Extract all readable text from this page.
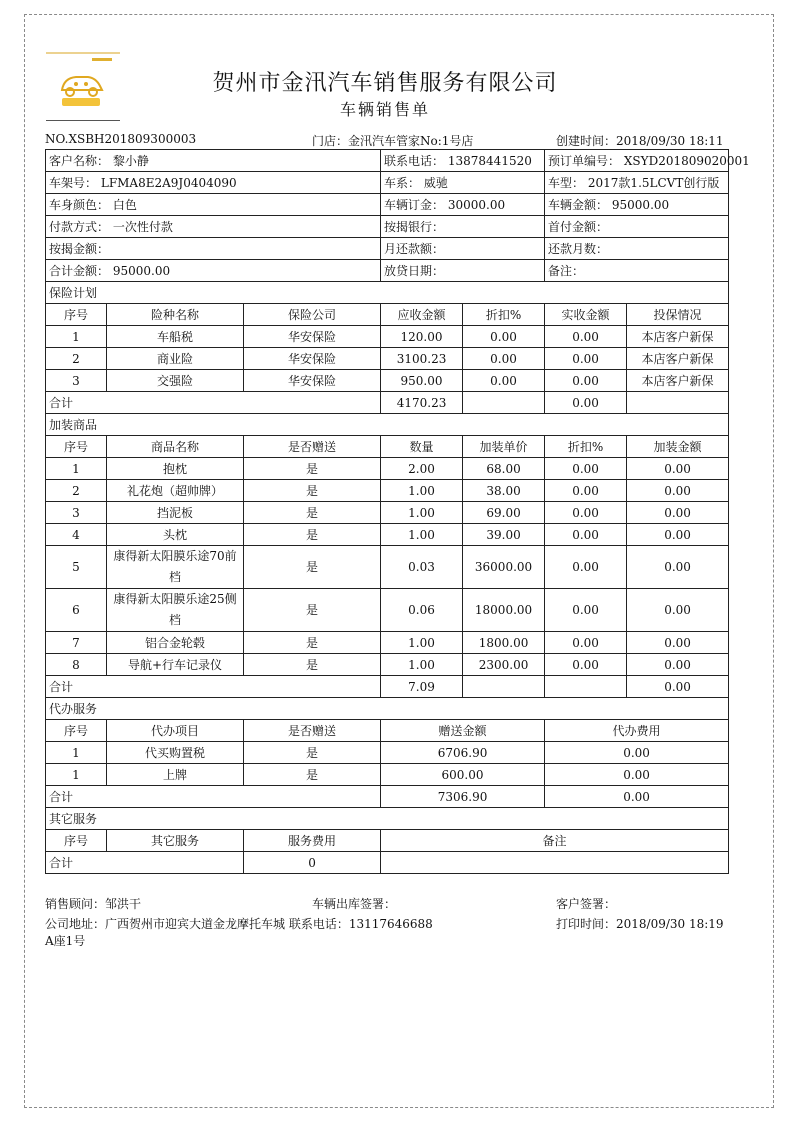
贺州市金汛汽车销售服务有限公司
车辆销售单
NO.XSBH201809300003	门店：金汛汽车管家No:1号店	创建时间：2018/09/30 18:11
客户名称： 黎小静			联系电话： 13878441520		预订单编号： XSYD201809020001	
车架号： LFMA8E2A9J0404090			车系： 威驰		车型： 2017款1.5LCVT创行版	
车身颜色： 白色			车辆订金： 30000.00		车辆金额： 95000.00	
付款方式： 一次性付款			按揭银行：		首付金额：	
按揭金额：			月还款额：		还款月数：	
合计金额： 95000.00			放贷日期：		备注：	
保险计划						
序号	险种名称	保险公司	应收金额	折扣%	实收金额	投保情况
1	车船税	华安保险	120.00	0.00	0.00	本店客户新保
2	商业险	华安保险	3100.23	0.00	0.00	本店客户新保
3	交强险	华安保险	950.00	0.00	0.00	本店客户新保
合计			4170.23		0.00	
加装商品						
序号	商品名称	是否赠送	数量	加装单价	折扣%	加装金额
1	抱枕	是	2.00	68.00	0.00	0.00
2	礼花炮（超帅牌）	是	1.00	38.00	0.00	0.00
3	挡泥板	是	1.00	69.00	0.00	0.00
4	头枕	是	1.00	39.00	0.00	0.00
5	康得新太阳膜乐途70前档	是	0.03	36000.00	0.00	0.00
6	康得新太阳膜乐途25侧档	是	0.06	18000.00	0.00	0.00
7	铝合金轮毂	是	1.00	1800.00	0.00	0.00
8	导航+行车记录仪	是	1.00	2300.00	0.00	0.00
合计			7.09			0.00
代办服务						
序号	代办项目	是否赠送	赠送金额		代办费用	
1	代买购置税	是	6706.90		0.00	
1	上牌	是	600.00		0.00	
合计			7306.90		0.00	
其它服务						
序号	其它服务	服务费用	备注			
合计		0				
销售顾问：邹洪干	车辆出库签署：	客户签署：
公司地址：广西贺州市迎宾大道金龙摩托车城 联系电话：13117646688
A座1号
打印时间：2018/09/30 18:19
